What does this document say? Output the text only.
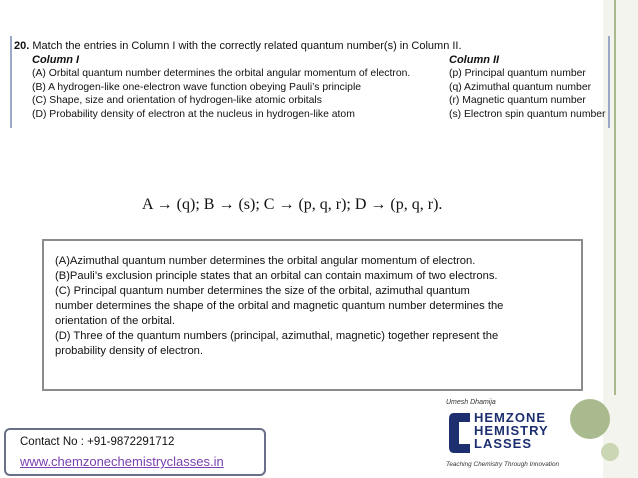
20. Match the entries in Column I with the correctly related quantum number(s) in Column II.
Column I	Column II
(A) Orbital quantum number determines the orbital angular momentum of electron.
(B) A hydrogen-like one-electron wave function obeying Pauli’s principle
(C) Shape, size and orientation of hydrogen-like atomic orbitals
(D) Probability density of electron at the nucleus in hydrogen-like atom
(p) Principal quantum number
(q) Azimuthal quantum number
(r) Magnetic quantum number
(s) Electron spin quantum number
A → (q); B → (s); C → (p, q, r); D → (p, q, r).
(A)Azimuthal quantum number determines the orbital angular momentum of electron.
(B)Pauli’s exclusion principle states that an orbital can contain maximum of two electrons.
(C) Principal quantum number determines the size of the orbital, azimuthal quantum
number determines the shape of the orbital and magnetic quantum number determines the
orientation of the orbital.
(D) Three of the quantum numbers (principal, azimuthal, magnetic) together represent the
probability density of electron.
Umesh Dhamija
HEMZONE
HEMISTRY
LASSES
Teaching Chemistry Through Innovation
Contact No : +91-9872291712
www.chemzonechemistryclasses.in
